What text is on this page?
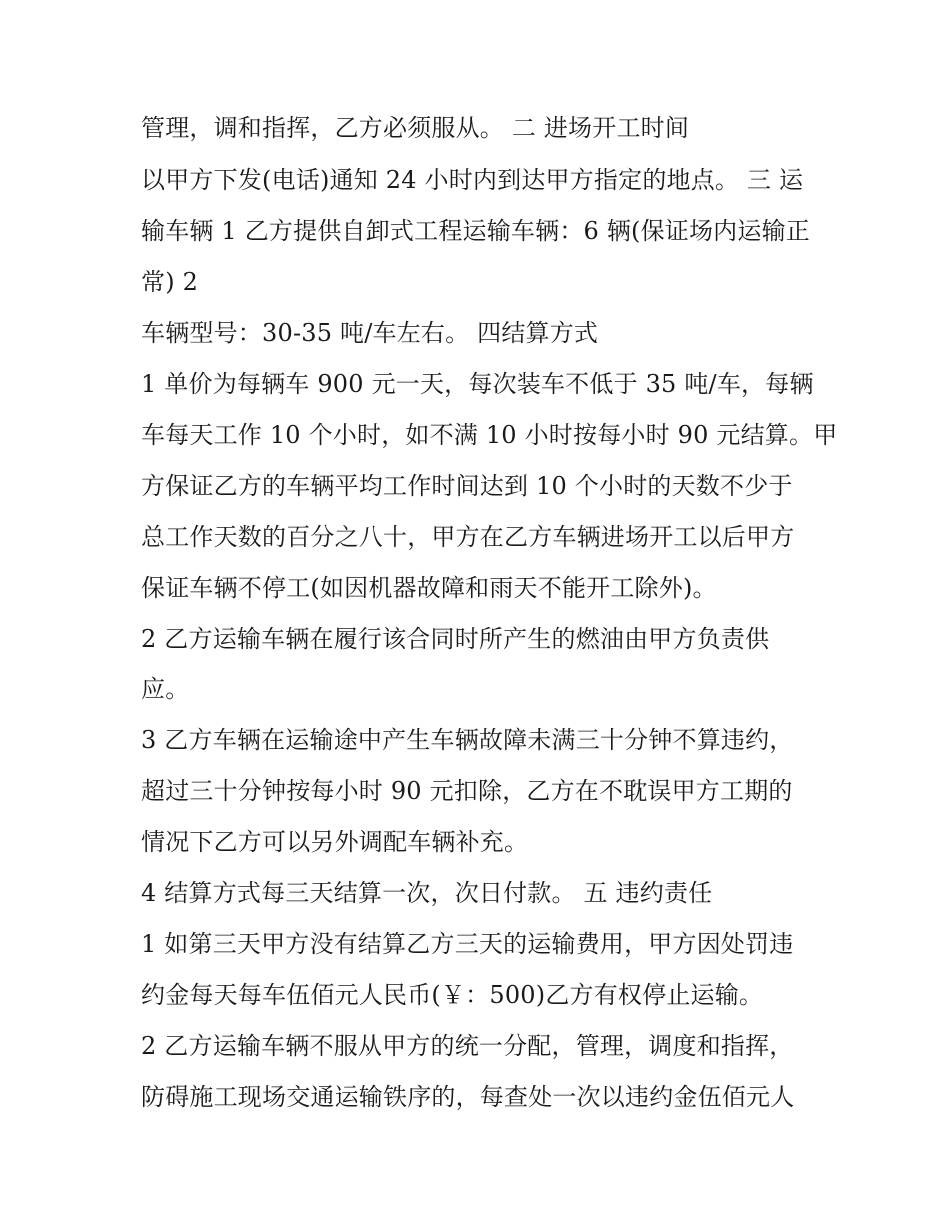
管理，调和指挥，乙方必须服从。 二 进场开工时间
以甲方下发(电话)通知 24 小时内到达甲方指定的地点。 三 运
输车辆 1 乙方提供自卸式工程运输车辆：6 辆(保证场内运输正
常) 2
车辆型号：30-35 吨/车左右。 四结算方式
1 单价为每辆车 900 元一天，每次装车不低于 35 吨/车，每辆
车每天工作 10 个小时，如不满 10 小时按每小时 90 元结算。甲
方保证乙方的车辆平均工作时间达到 10 个小时的天数不少于
总工作天数的百分之八十，甲方在乙方车辆进场开工以后甲方
保证车辆不停工(如因机器故障和雨天不能开工除外)。
2 乙方运输车辆在履行该合同时所产生的燃油由甲方负责供
应。
3 乙方车辆在运输途中产生车辆故障未满三十分钟不算违约，
超过三十分钟按每小时 90 元扣除，乙方在不耽误甲方工期的
情况下乙方可以另外调配车辆补充。
4 结算方式每三天结算一次，次日付款。 五 违约责任
1 如第三天甲方没有结算乙方三天的运输费用，甲方因处罚违
约金每天每车伍佰元人民币(￥：500)乙方有权停止运输。
2 乙方运输车辆不服从甲方的统一分配，管理，调度和指挥，
防碍施工现场交通运输铁序的，每查处一次以违约金伍佰元人
